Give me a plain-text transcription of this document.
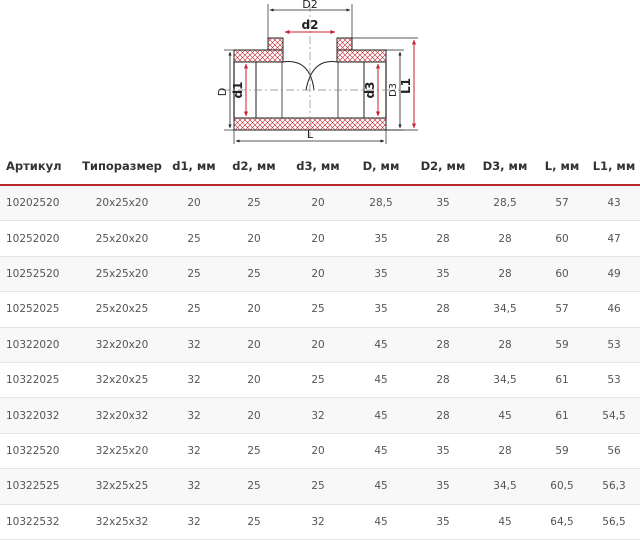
D2
d2
D d1	d3 D3 L1
L
Артикул	Типоразмер	d1, мм	d2, мм	d3, мм	D, мм	D2, мм	D3, мм	L, мм	L1, мм
10202520	20x25x20	20	25	20	28,5	35	28,5	57	43
10252020	25x20x20	25	20	20	35	28	28	60	47
10252520	25x25x20	25	25	20	35	35	28	60	49
10252025	25x20x25	25	20	25	35	28	34,5	57	46
10322020	32x20x20	32	20	20	45	28	28	59	53
10322025	32x20x25	32	20	25	45	28	34,5	61	53
10322032	32x20x32	32	20	32	45	28	45	61	54,5
10322520	32x25x20	32	25	20	45	35	28	59	56
10322525	32x25x25	32	25	25	45	35	34,5	60,5	56,3
10322532	32x25x32	32	25	32	45	35	45	64,5	56,5
